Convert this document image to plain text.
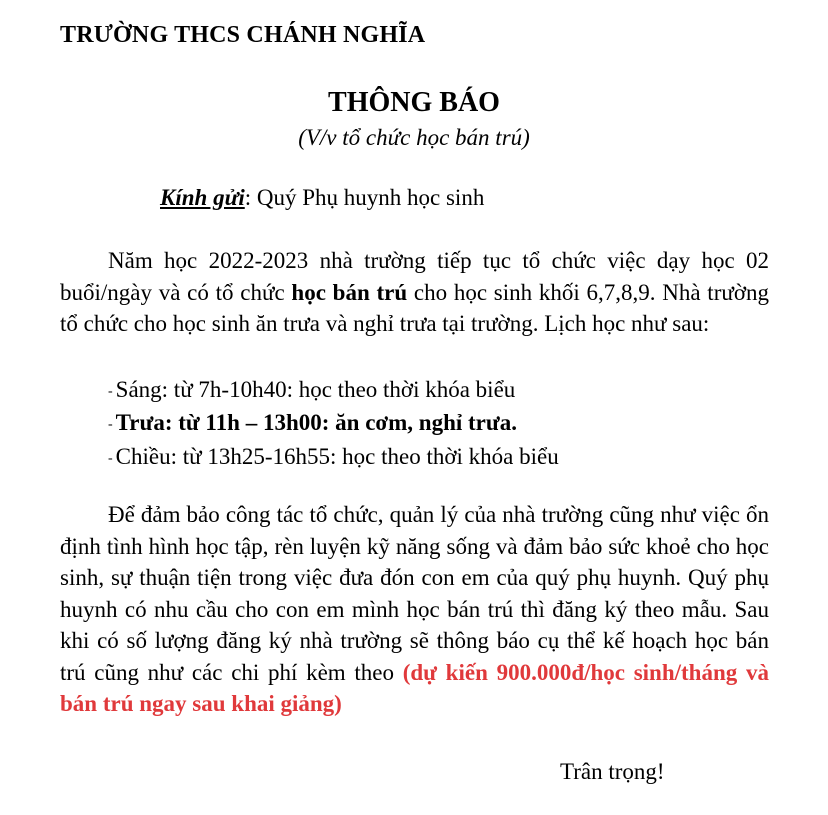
TRƯỜNG THCS CHÁNH NGHĨA
THÔNG BÁO
(V/v tổ chức học bán trú)
Kính gửi: Quý Phụ huynh học sinh
Năm học 2022-2023 nhà trường tiếp tục tổ chức việc dạy học 02 buổi/ngày và có tổ chức học bán trú cho học sinh khối 6,7,8,9. Nhà trường tổ chức cho học sinh ăn trưa và nghỉ trưa tại trường. Lịch học như sau:
- Sáng: từ 7h-10h40: học theo thời khóa biểu
- Trưa: từ 11h – 13h00: ăn cơm, nghỉ trưa.
- Chiều: từ 13h25-16h55: học theo thời khóa biểu
Để đảm bảo công tác tổ chức, quản lý của nhà trường cũng như việc ổn định tình hình học tập, rèn luyện kỹ năng sống và đảm bảo sức khoẻ cho học sinh, sự thuận tiện trong việc đưa đón con em của quý phụ huynh. Quý phụ huynh có nhu cầu cho con em mình học bán trú thì đăng ký theo mẫu. Sau khi có số lượng đăng ký nhà trường sẽ thông báo cụ thể kế hoạch học bán trú cũng như các chi phí kèm theo (dự kiến 900.000đ/học sinh/tháng và bán trú ngay sau khai giảng)
Trân trọng!
